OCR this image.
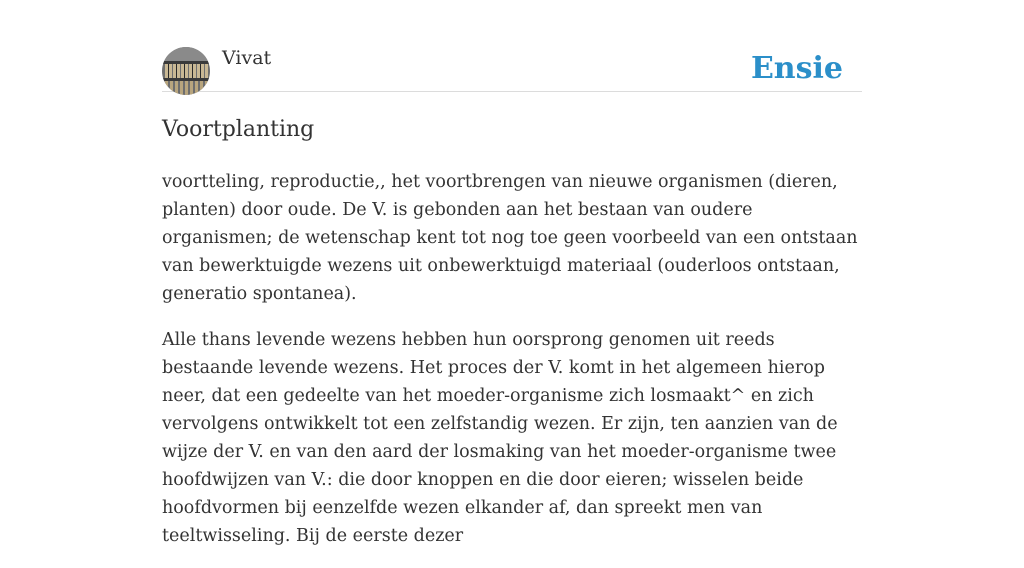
Vivat	Ensie
Voortplanting

voortteling, reproductie,, het voortbrengen van nieuwe organismen (dieren, planten) door oude. De V. is gebonden aan het bestaan van oudere organismen; de wetenschap kent tot nog toe geen voorbeeld van een ontstaan van bewerktuigde wezens uit onbewerktuigd materiaal (ouderloos ontstaan, generatio spontanea).

Alle thans levende wezens hebben hun oorsprong genomen uit reeds bestaande levende wezens. Het proces der V. komt in het algemeen hierop neer, dat een gedeelte van het moeder-organisme zich losmaakt^ en zich vervolgens ontwikkelt tot een zelfstandig wezen. Er zijn, ten aanzien van de wijze der V. en van den aard der losmaking van het moeder-organisme twee hoofdwijzen van V.: die door knoppen en die door eieren; wisselen beide hoofdvormen bij eenzelfde wezen elkander af, dan spreekt men van teeltwisseling. Bij de eerste dezer
